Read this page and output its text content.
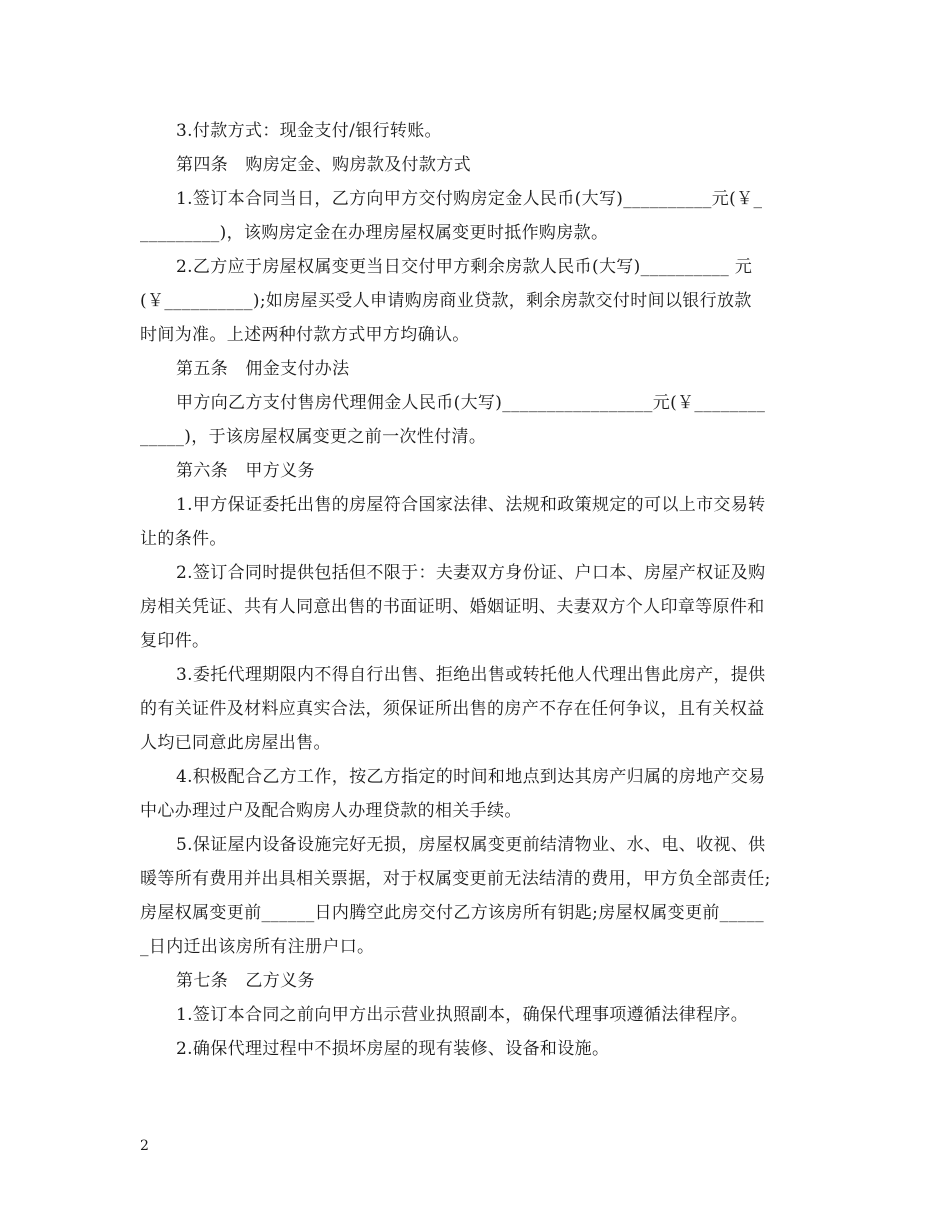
3.付款方式：现金支付/银行转账。
第四条　购房定金、购房款及付款方式
1.签订本合同当日，乙方向甲方交付购房定金人民币(大写)__________元(￥_
_________)，该购房定金在办理房屋权属变更时抵作购房款。
2.乙方应于房屋权属变更当日交付甲方剩余房款人民币(大写)__________ 元
(￥__________);如房屋买受人申请购房商业贷款，剩余房款交付时间以银行放款
时间为准。上述两种付款方式甲方均确认。
第五条　佣金支付办法
甲方向乙方支付售房代理佣金人民币(大写)_________________元(￥________
_____)，于该房屋权属变更之前一次性付清。
第六条　甲方义务
1.甲方保证委托出售的房屋符合国家法律、法规和政策规定的可以上市交易转
让的条件。
2.签订合同时提供包括但不限于：夫妻双方身份证、户口本、房屋产权证及购
房相关凭证、共有人同意出售的书面证明、婚姻证明、夫妻双方个人印章等原件和
复印件。
3.委托代理期限内不得自行出售、拒绝出售或转托他人代理出售此房产，提供
的有关证件及材料应真实合法，须保证所出售的房产不存在任何争议，且有关权益
人均已同意此房屋出售。
4.积极配合乙方工作，按乙方指定的时间和地点到达其房产归属的房地产交易
中心办理过户及配合购房人办理贷款的相关手续。
5.保证屋内设备设施完好无损，房屋权属变更前结清物业、水、电、收视、供
暖等所有费用并出具相关票据，对于权属变更前无法结清的费用，甲方负全部责任;
房屋权属变更前______日内腾空此房交付乙方该房所有钥匙;房屋权属变更前_____
_日内迁出该房所有注册户口。
第七条　乙方义务
1.签订本合同之前向甲方出示营业执照副本，确保代理事项遵循法律程序。
2.确保代理过程中不损坏房屋的现有装修、设备和设施。
2
